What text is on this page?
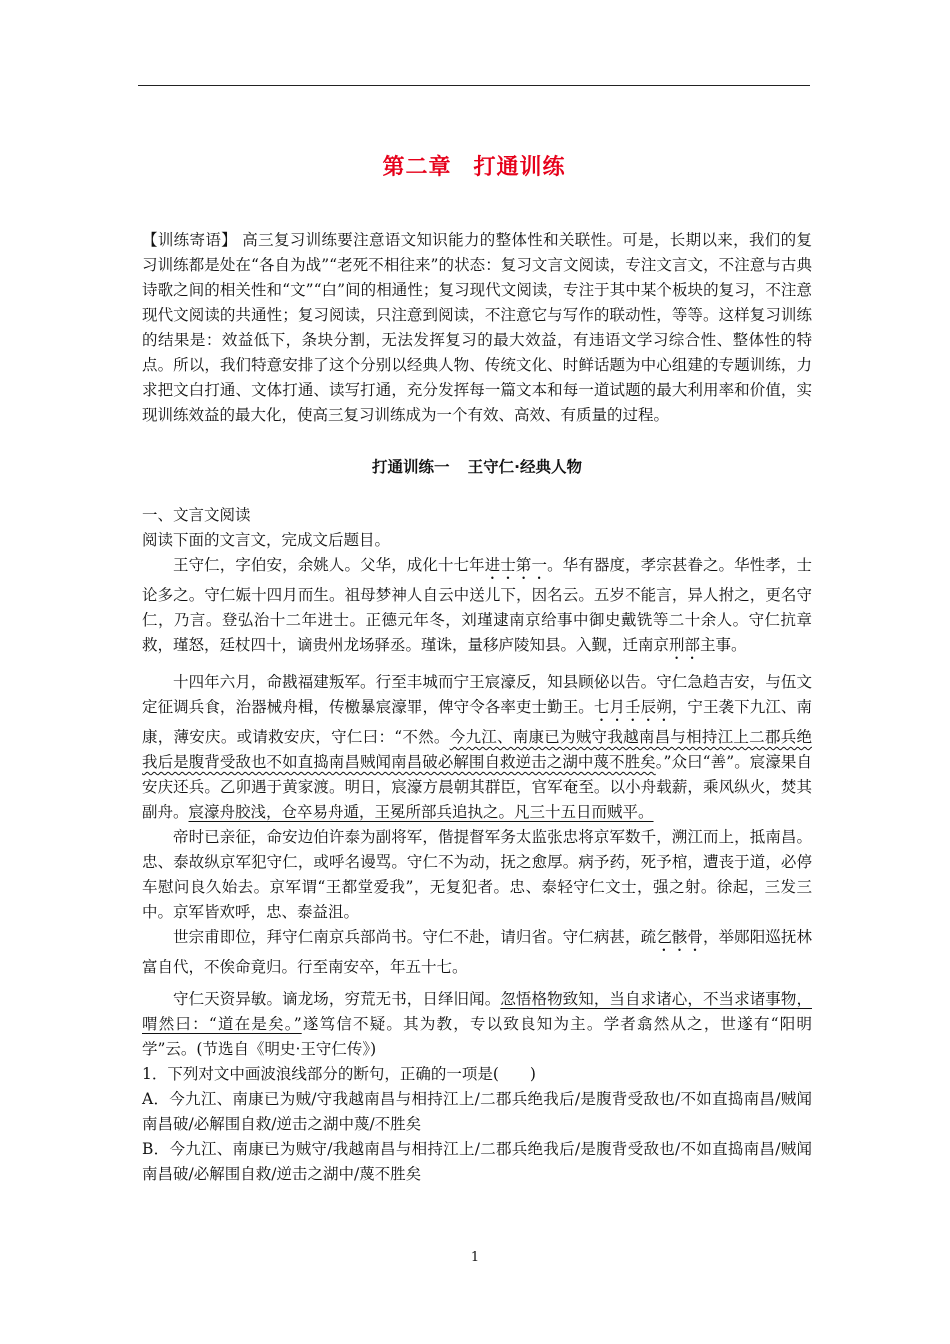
第二章 打通训练

【训练寄语】 高三复习训练要注意语文知识能力的整体性和关联性。可是，长期以来，我们的复习训练都是处在“各自为战”“老死不相往来”的状态：复习文言文阅读，专注文言文，不注意与古典诗歌之间的相关性和“文”“白”间的相通性；复习现代文阅读，专注于其中某个板块的复习，不注意现代文阅读的共通性；复习阅读，只注意到阅读，不注意它与写作的联动性，等等。这样复习训练的结果是：效益低下，条块分割，无法发挥复习的最大效益，有违语文学习综合性、整体性的特点。所以，我们特意安排了这个分别以经典人物、传统文化、时鲜话题为中心组建的专题训练，力求把文白打通、文体打通、读写打通，充分发挥每一篇文本和每一道试题的最大利用率和价值，实现训练效益的最大化，使高三复习训练成为一个有效、高效、有质量的过程。

打通训练一 王守仁·经典人物

一、文言文阅读

阅读下面的文言文，完成文后题目。

王守仁，字伯安，余姚人。父华，成化十七年进士第一。华有器度，孝宗甚眷之。华性孝，士论多之。守仁娠十四月而生。祖母梦神人自云中送儿下，因名云。五岁不能言，异人拊之，更名守仁，乃言。登弘治十二年进士。正德元年冬，刘瑾逮南京给事中御史戴铣等二十余人。守仁抗章救，瑾怒，廷杖四十，谪贵州龙场驿丞。瑾诛，量移庐陵知县。入觐，迁南京刑部主事。

十四年六月，命戡福建叛军。行至丰城而宁王宸濠反，知县顾佖以告。守仁急趋吉安，与伍文定征调兵食，治器械舟楫，传檄暴宸濠罪，俾守令各率吏士勤王。七月壬辰朔，宁王袭下九江、南康，薄安庆。或请救安庆，守仁曰：“不然。今九江、南康已为贼守我越南昌与相持江上二郡兵绝我后是腹背受敌也不如直捣南昌贼闻南昌破必解围自救逆击之湖中蔑不胜矣。”众曰“善”。宸濠果自安庆还兵。乙卯遇于黄家渡。明日，宸濠方晨朝其群臣，官军奄至。以小舟载薪，乘风纵火，焚其副舟。宸濠舟胶浅，仓卒易舟遁，王冕所部兵追执之。凡三十五日而贼平。

帝时已亲征，命安边伯许泰为副将军，偕提督军务太监张忠将京军数千，溯江而上，抵南昌。忠、泰故纵京军犯守仁，或呼名谩骂。守仁不为动，抚之愈厚。病予药，死予棺，遭丧于道，必停车慰问良久始去。京军谓“王都堂爱我”，无复犯者。忠、泰轻守仁文士，强之射。徐起，三发三中。京军皆欢呼，忠、泰益沮。

世宗甫即位，拜守仁南京兵部尚书。守仁不赴，请归省。守仁病甚，疏乞骸骨，举郧阳巡抚林富自代，不俟命竟归。行至南安卒，年五十七。

守仁天资异敏。谪龙场，穷荒无书，日绎旧闻。忽悟格物致知，当自求诸心，不当求诸事物，喟然曰：“道在是矣。”遂笃信不疑。其为教，专以致良知为主。学者翕然从之，世遂有“阳明学”云。(节选自《明史·王守仁传》)

1．下列对文中画波浪线部分的断句，正确的一项是(　　)

A．今九江、南康已为贼/守我越南昌与相持江上/二郡兵绝我后/是腹背受敌也/不如直捣南昌/贼闻南昌破/必解围自救/逆击之湖中蔑/不胜矣

B．今九江、南康已为贼守/我越南昌与相持江上/二郡兵绝我后/是腹背受敌也/不如直捣南昌/贼闻南昌破/必解围自救/逆击之湖中/蔑不胜矣

1
